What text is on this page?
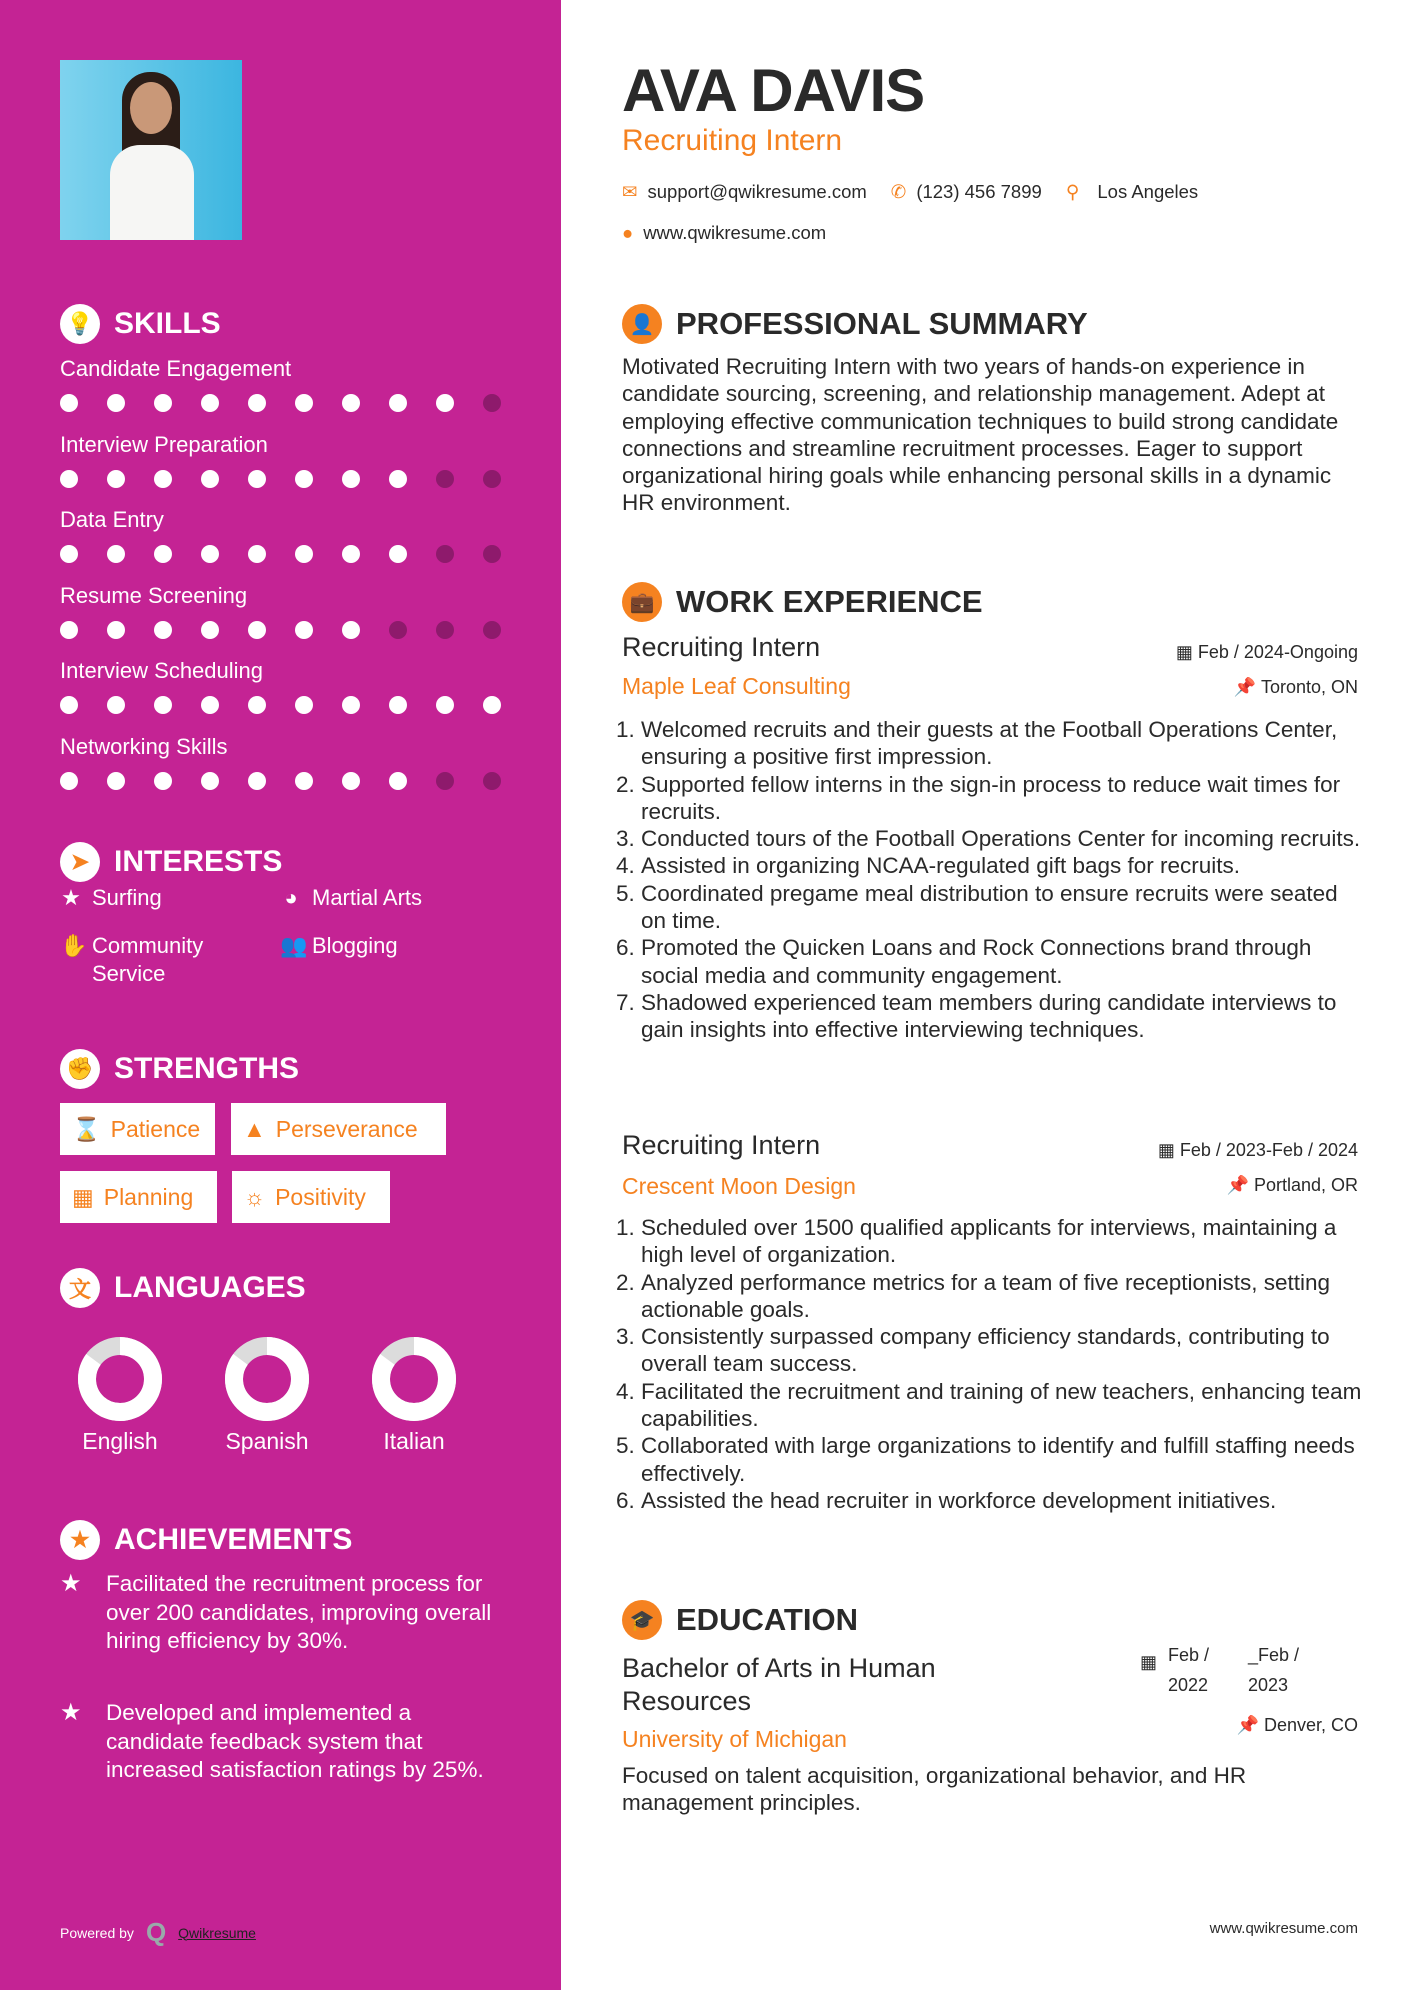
💡 SKILLS
Candidate Engagement
Interview Preparation
Data Entry
Resume Screening
Interview Scheduling
Networking Skills
➤ INTERESTS
★ Surfing	◕ Martial Arts
✋ Community Service
👥 Blogging
✊ STRENGTHS
⌛ Patience ▲ Perseverance
▦ Planning ☼ Positivity
文 LANGUAGES
English	Spanish	Italian
★ ACHIEVEMENTS
★	Facilitated the recruitment process for over 200 candidates, improving overall hiring efficiency by 30%.
★	Developed and implemented a candidate feedback system that increased satisfaction ratings by 25%.
Powered by Q Qwikresume
AVA DAVIS
Recruiting Intern
✉ support@qwikresume.com ✆ (123) 456 7899 ⚲ Los Angeles
● www.qwikresume.com
👤 PROFESSIONAL SUMMARY
Motivated Recruiting Intern with two years of hands-on experience in candidate sourcing, screening, and relationship management. Adept at employing effective communication techniques to build strong candidate connections and streamline recruitment processes. Eager to support organizational hiring goals while enhancing personal skills in a dynamic HR environment.
💼 WORK EXPERIENCE
Recruiting Intern	▦ Feb / 2024-Ongoing
Maple Leaf Consulting	📌 Toronto, ON
1. Welcomed recruits and their guests at the Football Operations Center, ensuring a positive first impression.
2. Supported fellow interns in the sign-in process to reduce wait times for recruits.
3. Conducted tours of the Football Operations Center for incoming recruits.
4. Assisted in organizing NCAA-regulated gift bags for recruits.
5. Coordinated pregame meal distribution to ensure recruits were seated on time.
6. Promoted the Quicken Loans and Rock Connections brand through social media and community engagement.
7. Shadowed experienced team members during candidate interviews to gain insights into effective interviewing techniques.
Recruiting Intern	▦ Feb / 2023-Feb / 2024
Crescent Moon Design	📌 Portland, OR
1. Scheduled over 1500 qualified applicants for interviews, maintaining a high level of organization.
2. Analyzed performance metrics for a team of five receptionists, setting actionable goals.
3. Consistently surpassed company efficiency standards, contributing to overall team success.
4. Facilitated the recruitment and training of new teachers, enhancing team capabilities.
5. Collaborated with large organizations to identify and fulfill staffing needs effectively.
6. Assisted the head recruiter in workforce development initiatives.
🎓 EDUCATION
Bachelor of Arts in Human Resources
▦ Feb / 2022
_Feb / 2023
University of Michigan
📌 Denver, CO
Focused on talent acquisition, organizational behavior, and HR management principles.
www.qwikresume.com
